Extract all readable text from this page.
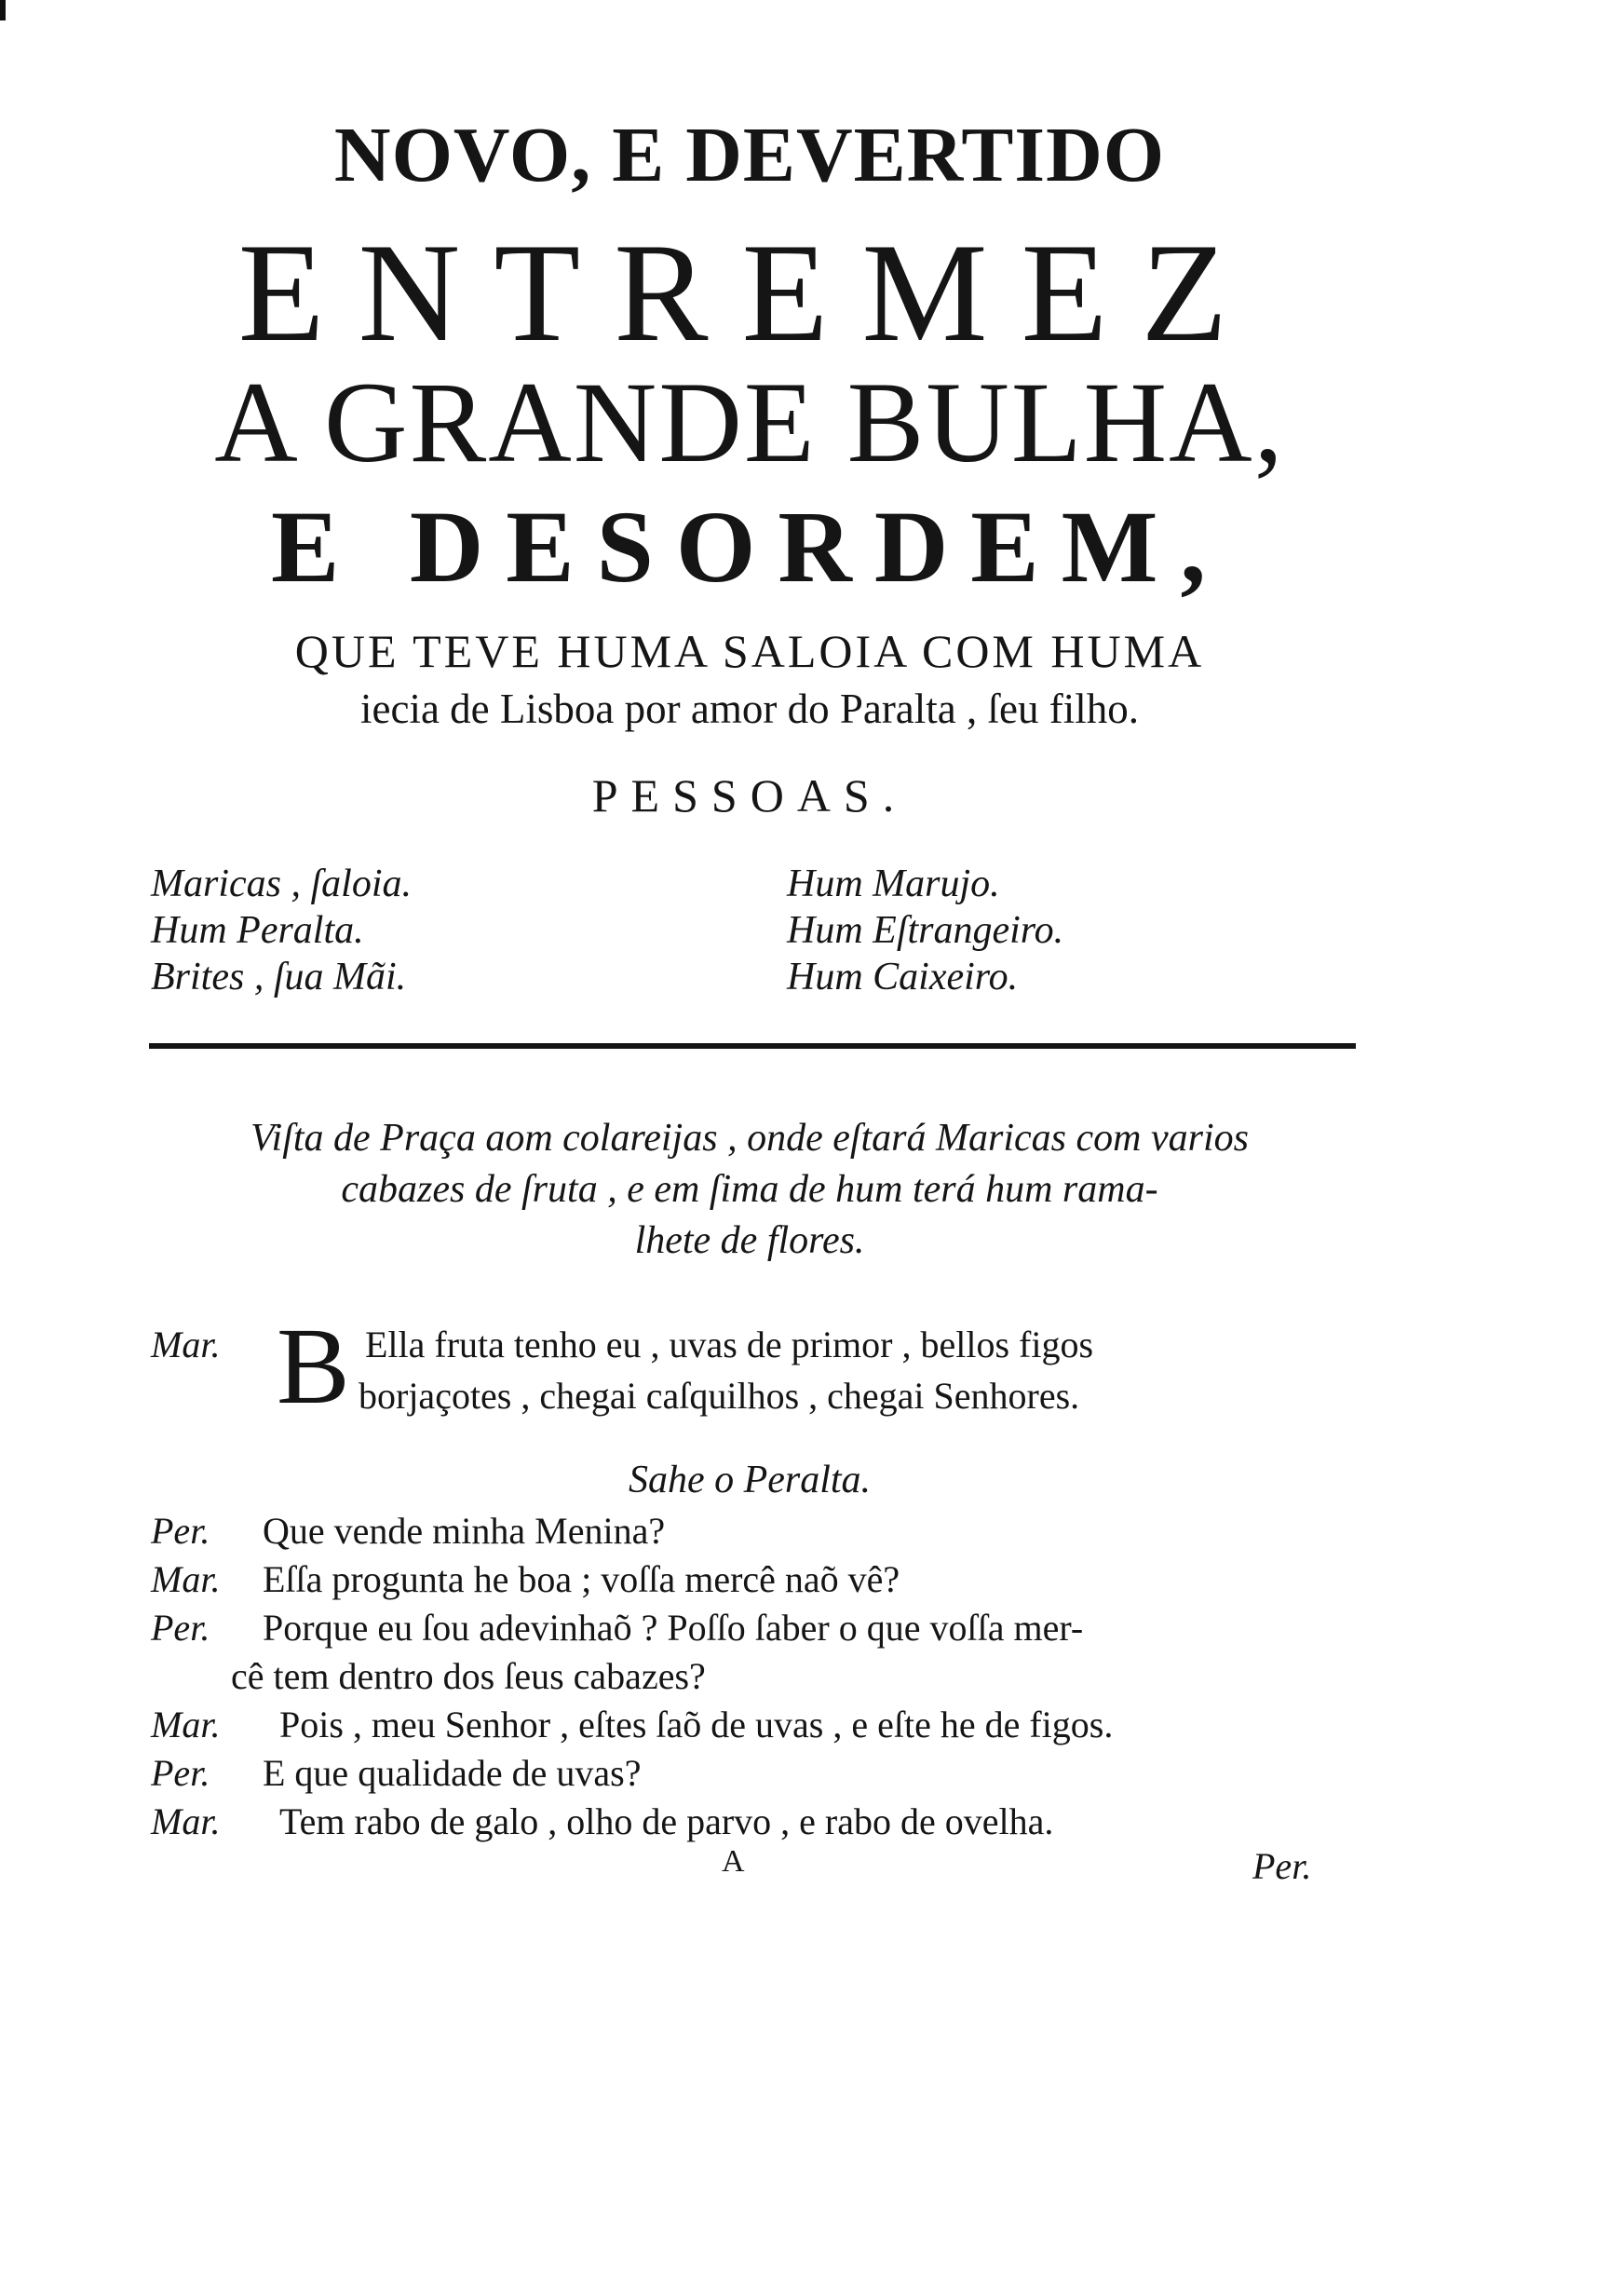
NOVO, E DEVERTIDO
ENTREMEZ
A GRANDE BULHA,
E DESORDEM,
QUE TEVE HUMA SALOIA COM HUMA
iecia de Lisboa por amor do Paralta , ſeu filho.
PESSOAS.
Maricas , ſaloia.
Hum Peralta.
Brites , ſua Mãi.
Hum Marujo.
Hum Eſtrangeiro.
Hum Caixeiro.
Viſta de Praça aom colareijas , onde eſtará Maricas com varios
cabazes de ſruta , e em ſima de hum terá hum rama-
lhete de flores.
Mar. B Ella fruta tenho eu , uvas de primor , bellos figos
borjaçotes , chegai caſquilhos , chegai Senhores.
Sahe o Peralta.
Per. Que vende minha Menina?
Mar. Eſſa progunta he boa ; voſſa mercê naõ vê?
Per. Porque eu ſou adevinhaõ ? Poſſo ſaber o que voſſa mer-
cê tem dentro dos ſeus cabazes?
Mar. Pois , meu Senhor , eſtes ſaõ de uvas , e eſte he de figos.
Per. E que qualidade de uvas?
Mar. Tem rabo de galo , olho de parvo , e rabo de ovelha.
A	Per.
